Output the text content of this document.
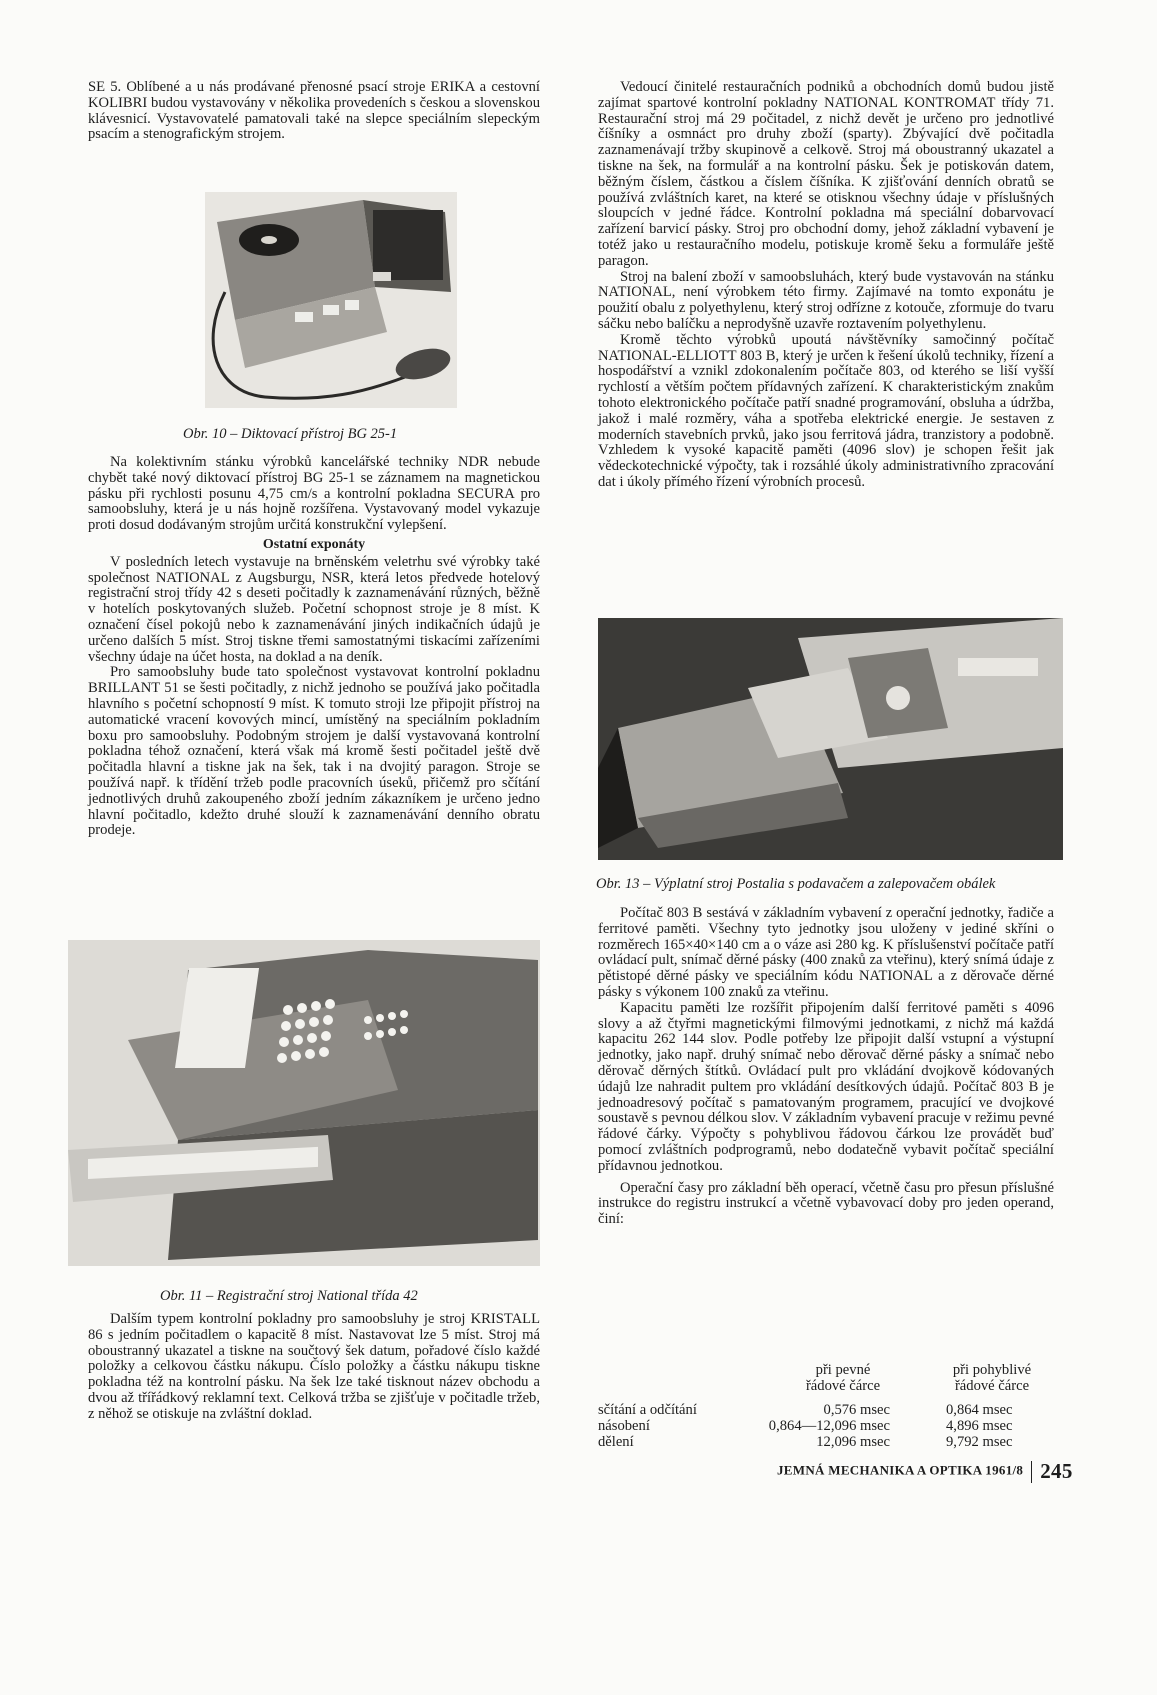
SE 5. Oblíbené a u nás prodávané přenosné psací stroje ERIKA a cestovní KOLIBRI budou vystavovány v několika provedeních s českou a slovenskou klávesnicí. Vystavovatelé pamatovali také na slepce speciálním slepeckým psacím a stenografickým strojem.

Obr. 10 – Diktovací přístroj BG 25-1

Na kolektivním stánku výrobků kancelářské techniky NDR nebude chybět také nový diktovací přístroj BG 25-1 se záznamem na magnetickou pásku při rychlosti posunu 4,75 cm/s a kontrolní pokladna SECURA pro samoobsluhy, která je u nás hojně rozšířena. Vystavovaný model vykazuje proti dosud dodávaným strojům určitá konstrukční vylepšení.

Ostatní exponáty

V posledních letech vystavuje na brněnském veletrhu své výrobky také společnost NATIONAL z Augsburgu, NSR, která letos předvede hotelový registrační stroj třídy 42 s deseti počitadly k zaznamenávání různých, běžně v hotelích poskytovaných služeb. Početní schopnost stroje je 8 míst. K označení čísel pokojů nebo k zaznamenávání jiných indikačních údajů je určeno dalších 5 míst. Stroj tiskne třemi samostatnými tiskacími zařízeními všechny údaje na účet hosta, na doklad a na deník.

Pro samoobsluhy bude tato společnost vystavovat kontrolní pokladnu BRILLANT 51 se šesti počitadly, z nichž jednoho se používá jako počitadla hlavního s početní schopností 9 míst. K tomuto stroji lze připojit přístroj na automatické vracení kovových mincí, umístěný na speciálním pokladním boxu pro samoobsluhy. Podobným strojem je další vystavovaná kontrolní pokladna téhož označení, která však má kromě šesti počitadel ještě dvě počitadla hlavní a tiskne jak na šek, tak i na dvojitý paragon. Stroje se používá např. k třídění tržeb podle pracovních úseků, přičemž pro sčítání jednotlivých druhů zakoupeného zboží jedním zákazníkem je určeno jedno hlavní počitadlo, kdežto druhé slouží k zaznamenávání denního obratu prodeje.

Obr. 11 – Registrační stroj National třída 42

Dalším typem kontrolní pokladny pro samoobsluhy je stroj KRISTALL 86 s jedním počitadlem o kapacitě 8 míst. Nastavovat lze 5 míst. Stroj má oboustranný ukazatel a tiskne na součtový šek datum, pořadové číslo každé položky a celkovou částku nákupu. Číslo položky a částku nákupu tiskne pokladna též na kontrolní pásku. Na šek lze také tisknout název obchodu a dvou až třířádkový reklamní text. Celková tržba se zjišťuje v počitadle tržeb, z něhož se otiskuje na zvláštní doklad.

Vedoucí činitelé restauračních podniků a obchodních domů budou jistě zajímat spartové kontrolní pokladny NATIONAL KONTROMAT třídy 71. Restaurační stroj má 29 počitadel, z nichž devět je určeno pro jednotlivé číšníky a osmnáct pro druhy zboží (sparty). Zbývající dvě počitadla zaznamenávají tržby skupinově a celkově. Stroj má oboustranný ukazatel a tiskne na šek, na formulář a na kontrolní pásku. Šek je potiskován datem, běžným číslem, částkou a číslem číšníka. K zjišťování denních obratů se používá zvláštních karet, na které se otisknou všechny údaje v příslušných sloupcích v jedné řádce. Kontrolní pokladna má speciální dobarvovací zařízení barvicí pásky. Stroj pro obchodní domy, jehož základní vybavení je totéž jako u restauračního modelu, potiskuje kromě šeku a formuláře ještě paragon.

Stroj na balení zboží v samoobsluhách, který bude vystavován na stánku NATIONAL, není výrobkem této firmy. Zajímavé na tomto exponátu je použití obalu z polyethylenu, který stroj odřízne z kotouče, zformuje do tvaru sáčku nebo balíčku a neprodyšně uzavře roztavením polyethylenu.

Kromě těchto výrobků upoutá návštěvníky samočinný počítač NATIONAL-ELLIOTT 803 B, který je určen k řešení úkolů techniky, řízení a hospodářství a vznikl zdokonalením počítače 803, od kterého se liší vyšší rychlostí a větším počtem přídavných zařízení. K charakteristickým znakům tohoto elektronického počítače patří snadné programování, obsluha a údržba, jakož i malé rozměry, váha a spotřeba elektrické energie. Je sestaven z moderních stavebních prvků, jako jsou ferritová jádra, tranzistory a podobně. Vzhledem k vysoké kapacitě paměti (4096 slov) je schopen řešit jak vědeckotechnické výpočty, tak i rozsáhlé úkoly administrativního zpracování dat i úkoly přímého řízení výrobních procesů.

Obr. 13 – Výplatní stroj Postalia s podavačem a zalepovačem obálek

Počítač 803 B sestává v základním vybavení z operační jednotky, řadiče a ferritové paměti. Všechny tyto jednotky jsou uloženy v jediné skříni o rozměrech 165×40×140 cm a o váze asi 280 kg. K příslušenství počítače patří ovládací pult, snímač děrné pásky (400 znaků za vteřinu), který snímá údaje z pětistopé děrné pásky ve speciálním kódu NATIONAL a z děrovače děrné pásky s výkonem 100 znaků za vteřinu.

Kapacitu paměti lze rozšířit připojením další ferritové paměti s 4096 slovy a až čtyřmi magnetickými filmovými jednotkami, z nichž má každá kapacitu 262 144 slov. Podle potřeby lze připojit další vstupní a výstupní jednotky, jako např. druhý snímač nebo děrovač děrné pásky a snímač nebo děrovač děrných štítků. Ovládací pult pro vkládání dvojkově kódovaných údajů lze nahradit pultem pro vkládání desítkových údajů. Počítač 803 B je jednoadresový počítač s pamatovaným programem, pracující ve dvojkové soustavě s pevnou délkou slov. V základním vybavení pracuje v režimu pevné řádové čárky. Výpočty s pohyblivou řádovou čárkou lze provádět buď pomocí zvláštních podprogramů, nebo dodatečně vybavit počítač speciální přídavnou jednotkou.

Operační časy pro základní běh operací, včetně času pro přesun příslušné instrukce do registru instrukcí a včetně vybavovací doby pro jeden operand, činí:

	při pevné	při pohyblivé
	řádové čárce	řádové čárce

sčítání a odčítání	0,576 msec	0,864 msec
násobení	0,864—12,096 msec	4,896 msec
dělení	12,096 msec	9,792 msec
JEMNÁ MECHANIKA A OPTIKA 1961/8 245
